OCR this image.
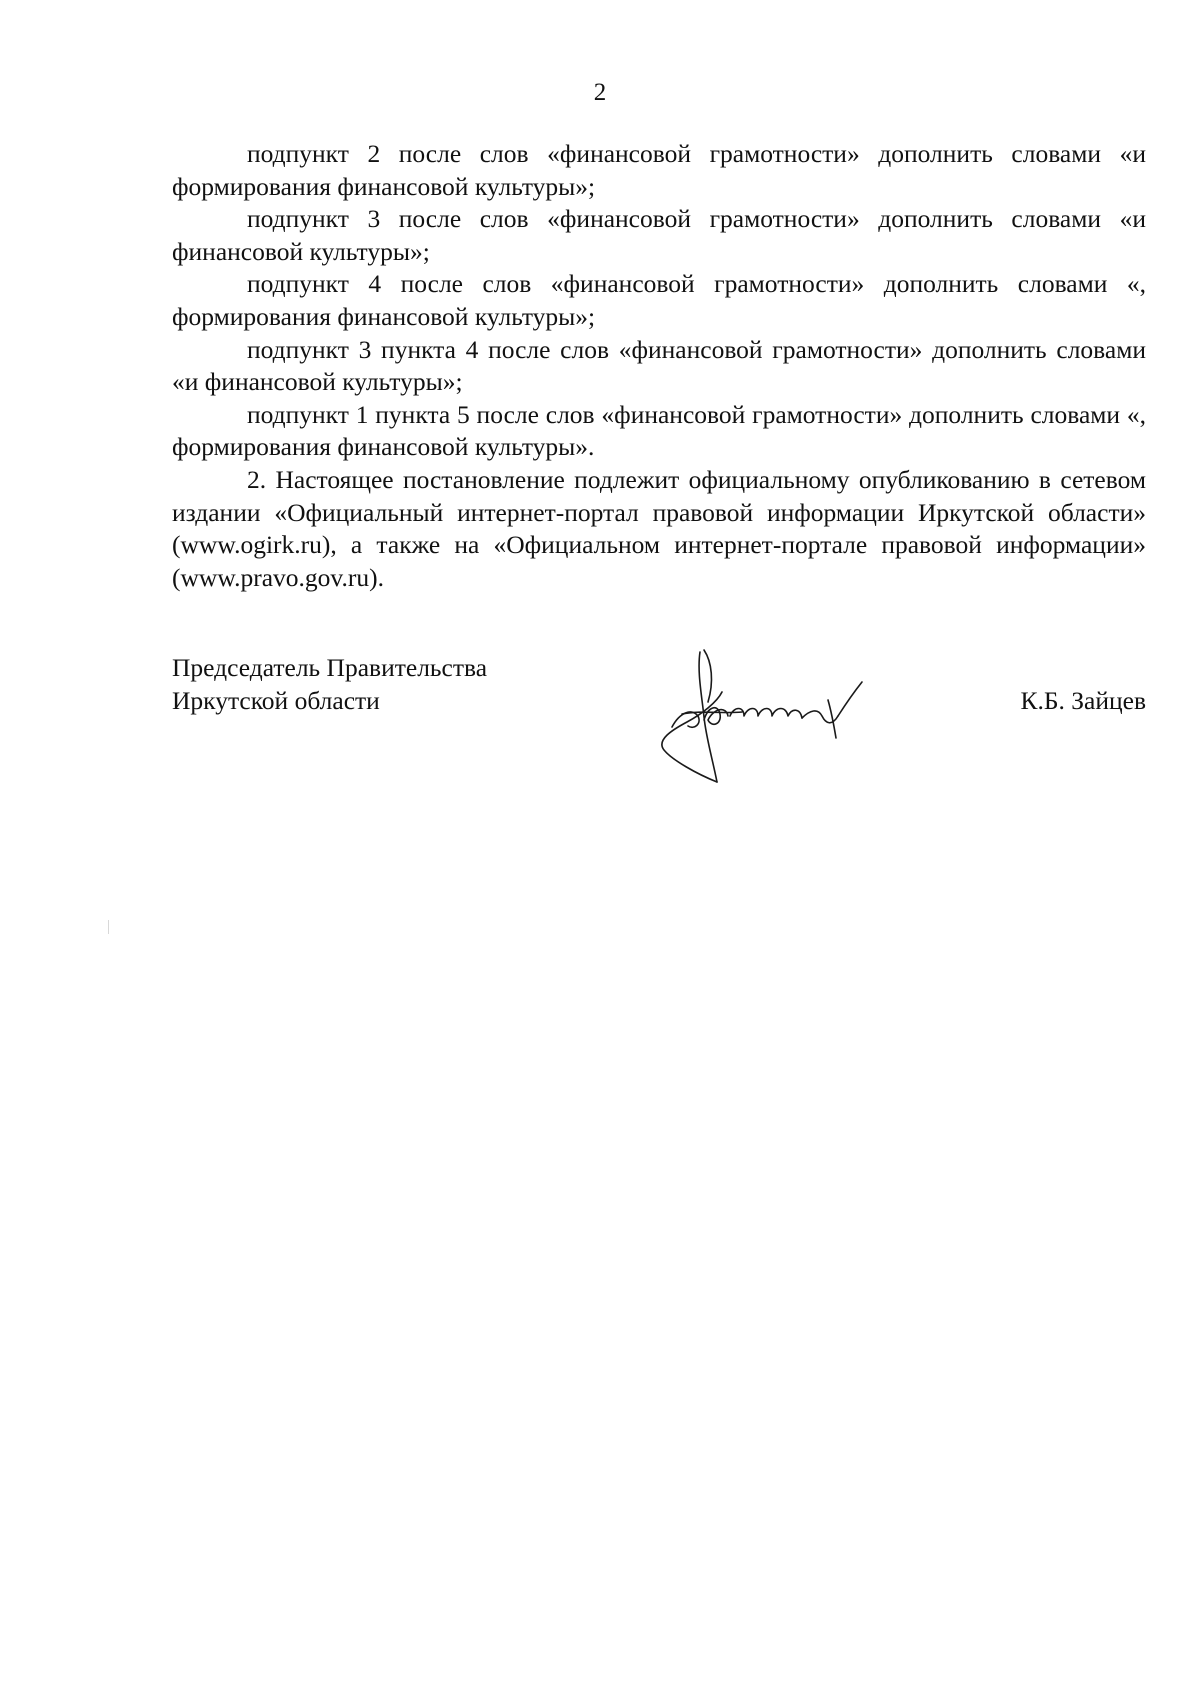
2

подпункт 2 после слов «финансовой грамотности» дополнить словами «и формирования финансовой культуры»;

подпункт 3 после слов «финансовой грамотности» дополнить словами «и финансовой культуры»;

подпункт 4 после слов «финансовой грамотности» дополнить словами «, формирования финансовой культуры»;

подпункт 3 пункта 4 после слов «финансовой грамотности» дополнить словами «и финансовой культуры»;

подпункт 1 пункта 5 после слов «финансовой грамотности» дополнить словами «, формирования финансовой культуры».

2. Настоящее постановление подлежит официальному опубликованию в сетевом издании «Официальный интернет-портал правовой информации Иркутской области» (www.ogirk.ru), а также на «Официальном интернет-портале правовой информации» (www.pravo.gov.ru).

Председатель Правительства
Иркутской области	К.Б. Зайцев
